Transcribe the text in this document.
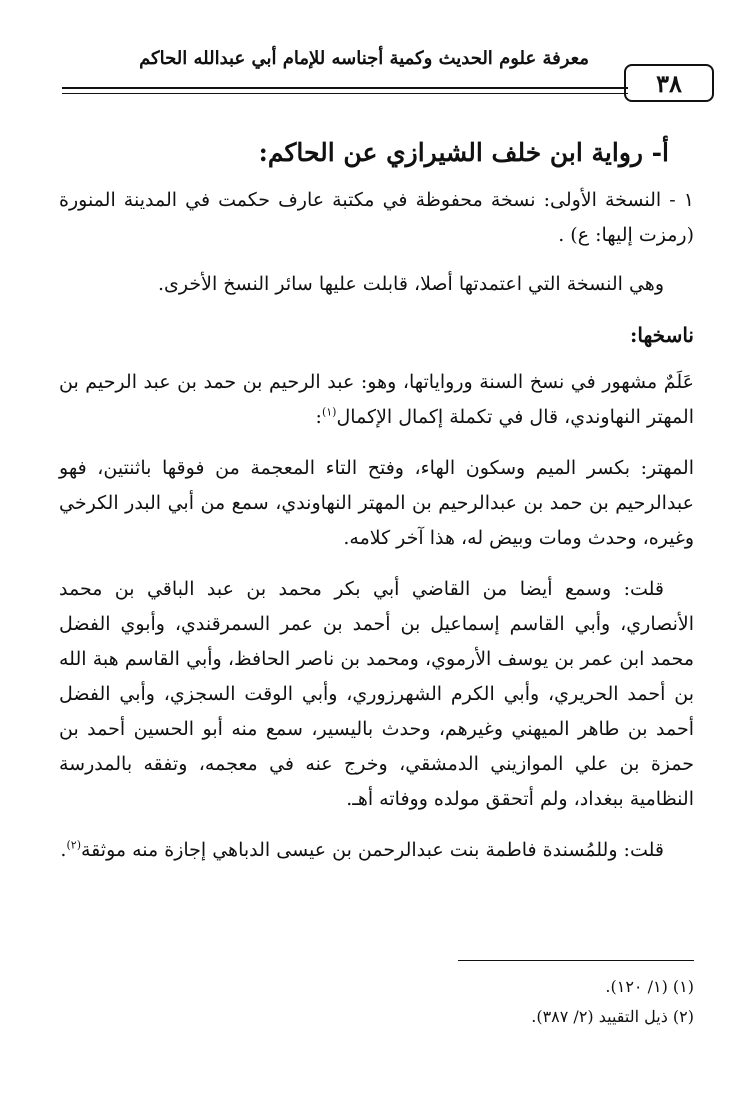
معرفة علوم الحديث وكمية أجناسه للإمام أبي عبدالله الحاكم
٣٨
أ- رواية ابن خلف الشيرازي عن الحاكم:

١ - النسخة الأولى: نسخة محفوظة في مكتبة عارف حكمت في المدينة المنورة (رمزت إليها: ع) .

وهي النسخة التي اعتمدتها أصلا، قابلت عليها سائر النسخ الأخرى.

ناسخها:

عَلَمٌ مشهور في نسخ السنة ورواياتها، وهو: عبد الرحيم بن حمد بن عبد الرحيم بن المهتر النهاوندي، قال في تكملة إكمال الإكمال$^{(١)}$:

المهتر: بكسر الميم وسكون الهاء، وفتح التاء المعجمة من فوقها باثنتين، فهو عبدالرحيم بن حمد بن عبدالرحيم بن المهتر النهاوندي، سمع من أبي البدر الكرخي وغيره، وحدث ومات وبيض له، هذا آخر كلامه.

قلت: وسمع أيضا من القاضي أبي بكر محمد بن عبد الباقي بن محمد الأنصاري، وأبي القاسم إسماعيل بن أحمد بن عمر السمرقندي، وأبوي الفضل محمد ابن عمر بن يوسف الأرموي، ومحمد بن ناصر الحافظ، وأبي القاسم هبة الله بن أحمد الحريري، وأبي الكرم الشهرزوري، وأبي الوقت السجزي، وأبي الفضل أحمد بن طاهر الميهني وغيرهم، وحدث باليسير، سمع منه أبو الحسين أحمد بن حمزة بن علي الموازيني الدمشقي، وخرج عنه في معجمه، وتفقه بالمدرسة النظامية ببغداد، ولم أتحقق مولده ووفاته أهـ.

قلت: وللمُسندة فاطمة بنت عبدالرحمن بن عيسى الدباهي إجازة منه موثقة$^{(٢)}$.

(١) (١/ ١٢٠).
(٢) ذيل التقييد (٢/ ٣٨٧).
